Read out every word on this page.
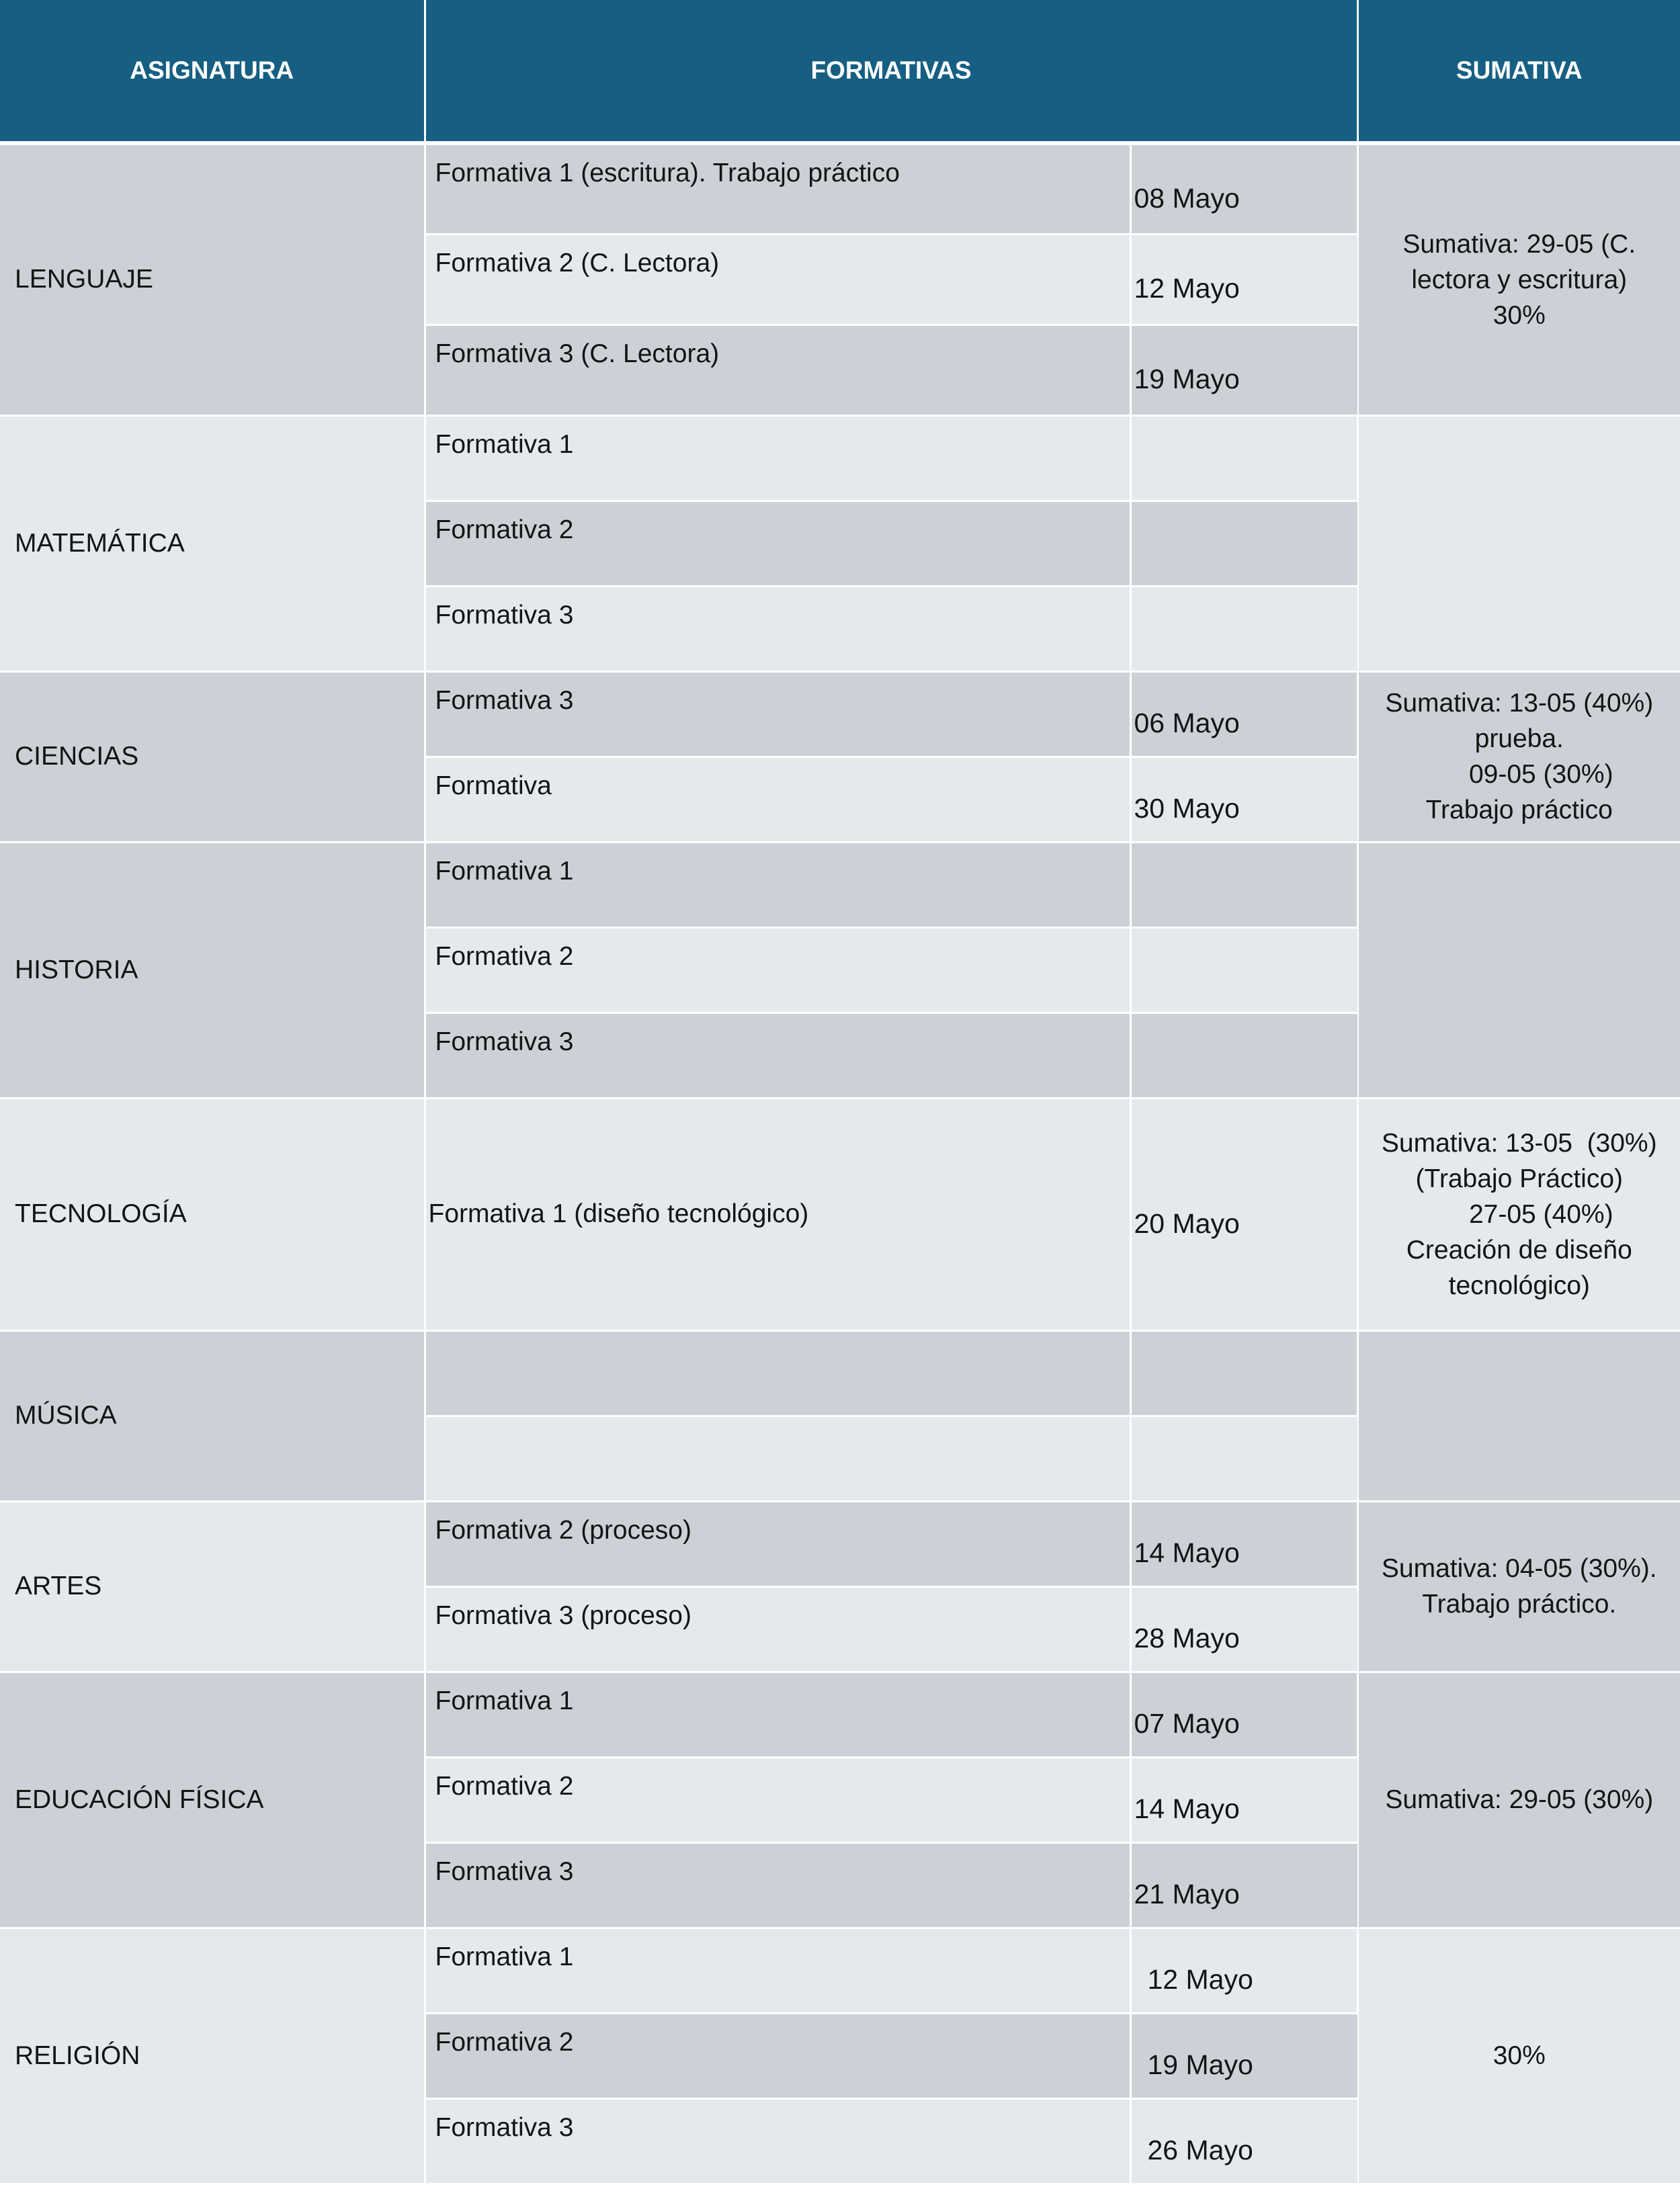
ASIGNATURA	FORMATIVAS		SUMATIVA
LENGUAJE	Formativa 1 (escritura). Trabajo práctico	08 Mayo	Sumativa: 29-05 (C.
lectora y escritura)
30%

	Formativa 2 (C. Lectora)	12 Mayo	
	Formativa 3 (C. Lectora)	19 Mayo	
MATEMÁTICA	Formativa 1		
	Formativa 2		
	Formativa 3		
CIENCIAS	Formativa 3	06 Mayo	Sumativa: 13-05 (40%)
prueba.
09-05 (30%)
Trabajo práctico

	Formativa	30 Mayo	
HISTORIA	Formativa 1		
	Formativa 2		
	Formativa 3		
TECNOLOGÍA	Formativa 1 (diseño tecnológico)	20 Mayo	Sumativa: 13-05  (30%)
(Trabajo Práctico)
27-05 (40%)
Creación de diseño
tecnológico)

MÚSICA			

ARTES	Formativa 2 (proceso)	14 Mayo	Sumativa: 04-05 (30%).
Trabajo práctico.

	Formativa 3 (proceso)	28 Mayo	
EDUCACIÓN FÍSICA	Formativa 1	07 Mayo	Sumativa: 29-05 (30%)

	Formativa 2	14 Mayo	
	Formativa 3	21 Mayo	
RELIGIÓN	Formativa 1	12 Mayo	30%

	Formativa 2	19 Mayo	
	Formativa 3	26 Mayo	
